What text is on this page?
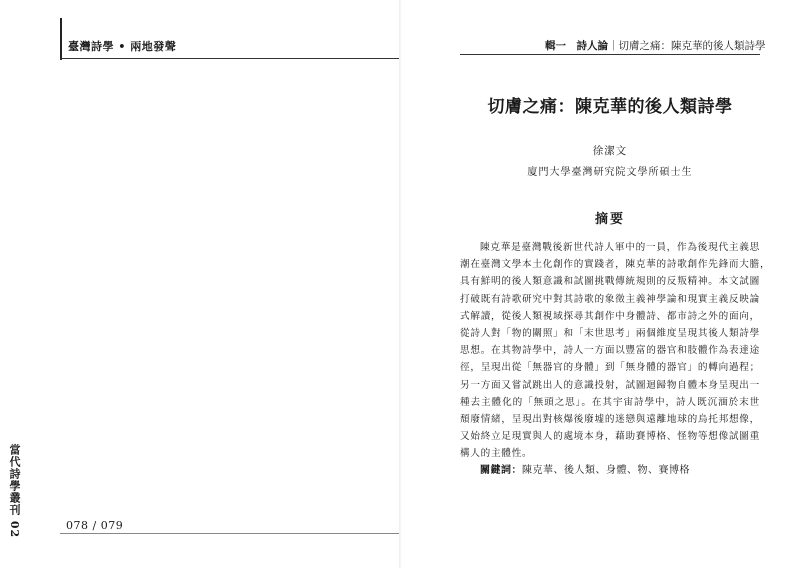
臺灣詩學 • 兩地發聲
當代詩學叢刊 02	078 / 079
輯一　詩人論｜切膚之痛：陳克華的後人類詩學
切膚之痛：陳克華的後人類詩學
徐潔文
廈門大學臺灣研究院文學所碩士生
摘要
陳克華是臺灣戰後新世代詩人軍中的一員，作為後現代主義思
潮在臺灣文學本土化創作的實踐者，陳克華的詩歌創作先鋒而大膽，
具有鮮明的後人類意識和試圖挑戰傳統規則的反叛精神。本文試圖
打破既有詩歌研究中對其詩歌的象徵主義神學論和現實主義反映論
式解讀，從後人類視域探尋其創作中身體詩、都市詩之外的面向，
從詩人對「物的關照」和「末世思考」兩個維度呈現其後人類詩學
思想。在其物詩學中，詩人一方面以豐富的器官和肢體作為表達途
徑，呈現出從「無器官的身體」到「無身體的器官」的轉向過程；
另一方面又嘗試跳出人的意識投射，試圖迴歸物自體本身呈現出一
種去主體化的「無頭之思」。在其宇宙詩學中，詩人既沉湎於末世
頹廢情緒，呈現出對核爆後廢墟的迷戀與遠離地球的烏托邦想像，
又始終立足現實與人的處境本身，藉助賽博格、怪物等想像試圖重
構人的主體性。
關鍵詞：陳克華、後人類、身體、物、賽博格
